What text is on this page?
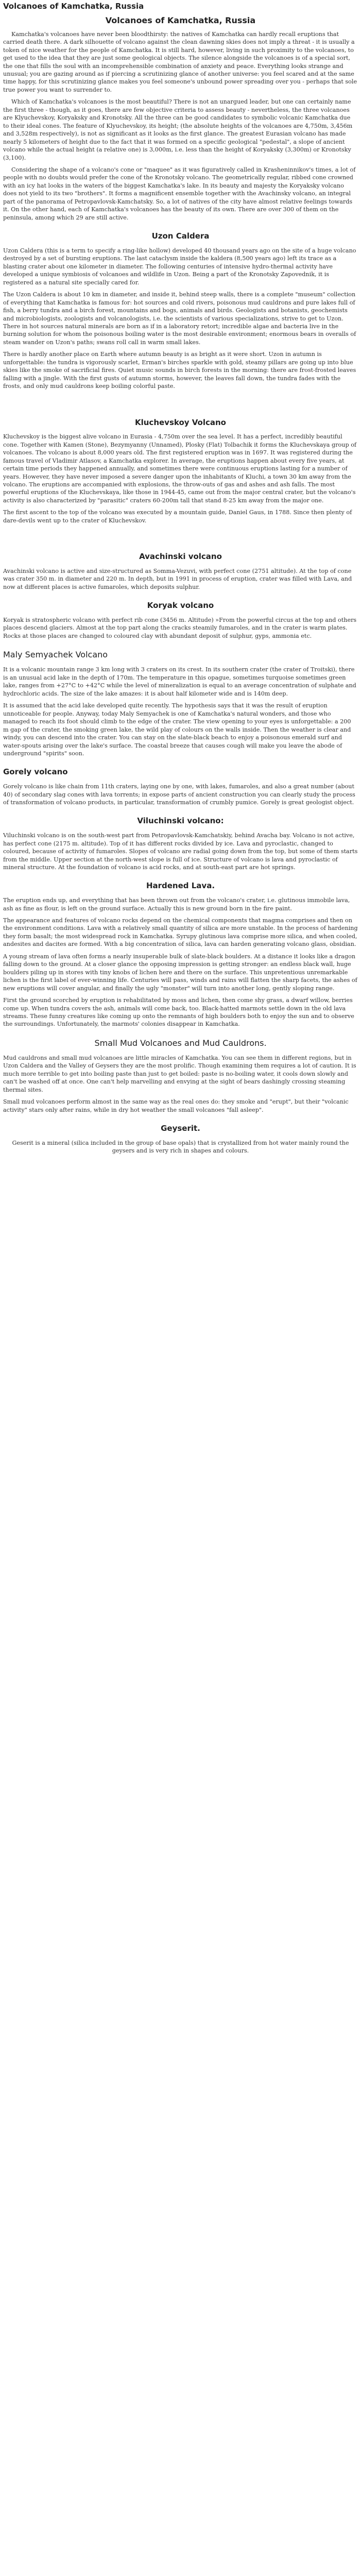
Volcanoes of Kamchatka, Russia
Volcanoes of Kamchatka, Russia

Kamchatka's volcanoes have never been bloodthirsty: the natives of Kamchatka can hardly recall eruptions that carried death there. A dark silhouette of volcano against the clean dawning skies does not imply a threat - it is usually a token of nice weather for the people of Kamchatka. It is still hard, however, living in such proximity to the volcanoes, to get used to the idea that they are just some geological objects. The silence alongside the volcanoes is of a special sort, the one that fills the soul with an incomprehensible combination of anxiety and peace. Everything looks strange and unusual; you are gazing around as if piercing a scrutinizing glance of another universe: you feel scared and at the same time happy, for this scrutinizing glance makes you feel someone's unbound power spreading over you - perhaps that sole true power you want to surrender to.

Which of Kamchatka's volcanoes is the most beautiful? There is not an unargued leader, but one can certainly name the first three - though, as it goes, there are few objective criteria to assess beauty - nevertheless, the three volcanoes are Klyuchevskoy, Koryaksky and Kronotsky. All the three can be good candidates to symbolic volcanic Kamchatka due to their ideal cones. The feature of Klyuchevskoy, its height; (the absolute heights of the volcanoes are 4,750m, 3,456m and 3,528m respectively), is not as significant as it looks as the first glance. The greatest Eurasian volcano has made nearly 5 kilometers of height due to the fact that it was formed on a specific geological "pedestal", a slope of ancient volcano while the actual height (a relative one) is 3,000m, i.e. less than the height of Koryaksky (3,300m) or Kronotsky (3,100).

Considering the shape of a volcano's cone or "maquee" as it was figuratively called in Krasheninnikov's times, a lot of people with no doubts would prefer the cone of the Kronotsky volcano. The geometrically regular, ribbed cone crowned with an icy hat looks in the waters of the biggest Kamchatka's lake. In its beauty and majesty the Koryaksky volcano does not yield to its two "brothers". It forms a magnificent ensemble together with the Avachinsky volcano, an integral part of the panorama of Petropavlovsk-Kamchatsky. So, a lot of natives of the city have almost relative feelings towards it. On the other hand, each of Kamchatka's volcanoes has the beauty of its own. There are over 300 of them on the peninsula, among which 29 are still active.

Uzon Caldera

Uzon Caldera (this is a term to specify a ring-like hollow) developed 40 thousand years ago on the site of a huge volcano destroyed by a set of bursting eruptions. The last cataclysm inside the kaldera (8,500 years ago) left its trace as a blasting crater about one kilometer in diameter. The following centuries of intensive hydro-thermal activity have developed a unique symbiosis of volcanoes and wildlife in Uzon. Being a part of the Kronotsky Zapovednik, it is registered as a natural site specially cared for.

The Uzon Caldera is about 10 km in diameter, and inside it, behind steep walls, there is a complete "museum" collection of everything that Kamchatka is famous for: hot sources and cold rivers, poisonous mud cauldrons and pure lakes full of fish, a berry tundra and a birch forest, mountains and bogs, animals and birds. Geologists and botanists, geochemists and microbiologists, zoologists and volcanologists, i.e. the scientists of various specializations, strive to get to Uzon. There in hot sources natural minerals are born as if in a laboratory retort; incredible algae and bacteria live in the burning solution for whom the poisonous boiling water is the most desirable environment; enormous bears in overalls of steam wander on Uzon's paths; swans roll call in warm small lakes.

There is hardly another place on Earth where autumn beauty is as bright as it were short. Uzon in autumn is unforgettable: the tundra is vigorously scarlet, Erman's birches sparkle with gold, steamy pillars are going up into blue skies like the smoke of sacrificial fires. Quiet music sounds in birch forests in the morning: there are frost-frosted leaves falling with a jingle. With the first gusts of autumn storms, however, the leaves fall down, the tundra fades with the frosts, and only mud cauldrons keep boiling colorful paste.

Kluchevskoy Volcano

Kluchevskoy is the biggest alive volcano in Eurasia - 4,750m over the sea level. It has a perfect, incredibly beautiful cone. Together with Kamen (Stone), Bezymyanny (Unnamed), Plosky (Flat) Tolbachik it forms the Kluchevskaya group of volcanoes. The volcano is about 8,000 years old. The first registered eruption was in 1697. It was registered during the famous travel of Vladimir Atlasov, a Kamchatka explorer. In average, the eruptions happen about every five years, at certain time periods they happened annually, and sometimes there were continuous eruptions lasting for a number of years. However, they have never imposed a severe danger upon the inhabitants of Kluchi, a town 30 km away from the volcano. The eruptions are accompanied with explosions, the throw-outs of gas and ashes and ash falls. The most powerful eruptions of the Kluchevskaya, like those in 1944-45, came out from the major central crater, but the volcano's activity is also characterized by "parasitic" craters 60-200m tall that stand 8-25 km away from the major one.

The first ascent to the top of the volcano was executed by a mountain guide, Daniel Gaus, in 1788. Since then plenty of dare-devils went up to the crater of Kluchevskov.

Avachinski volcano

Avachinski volcano is active and size-structured as Somma-Vezuvi, with perfect cone (2751 altitude). At the top of cone was crater 350 m. in diameter and 220 m. In depth, but in 1991 in process of eruption, crater was filled with Lava, and now at different places is active fumaroles, which deposits sulphur.

Koryak volcano

Koryak is stratospheric volcano with perfect rib cone (3456 m. Altitude) »From the powerful circus at the top and others places descend glaciers. Almost at the top part along the cracks steamily fumaroles, and in the crater is warm plates. Rocks at those places are changed to coloured clay with abundant deposit of sulphur, gyps, ammonia etc.

Maly Semyachek Volcano

It is a volcanic mountain range 3 km long with 3 craters on its crest. In its southern crater (the crater of Troitski), there is an unusual acid lake in the depth of 170m. The temperature in this opague, sometimes turquoise sometimes green lake, ranges from +27°C to +42°C while the level of mineralization is equal to an average concentration of sulphate and hydrochloric acids. The size of the lake amazes: it is about half kilometer wide and is 140m deep.

It is assumed that the acid lake developed quite recently. The hypothesis says that it was the result of eruption unnoticeable for people. Anyway, today Maly Semyachek is one of Kamchatka's natural wonders, and those who managed to reach its foot should climb to the edge of the crater. The view opening to your eyes is unforgettable: a 200 m gap of the crater, the smoking green lake, the wild play of colours on the walls inside. Then the weather is clear and windy, you can descend into the crater. You can stay on the slate-black beach to enjoy a poisonous emerald surf and water-spouts arising over the lake's surface. The coastal breeze that causes cough will make you leave the abode of underground "spirits" soon.

Gorely volcano

Gorely volcano is like chain from 11th craters, laying one by one, with lakes, fumaroles, and also a great number (about 40) of secondary slag cones with lava torrents; in expose parts of ancient construction you can clearly study the process of transformation of volcano products, in particular, transformation of crumbly pumice. Gorely is great geologist object.

Viluchinski volcano:

Viluchinski volcano is on the south-west part from Petropavlovsk-Kamchatskiy, behind Avacha bay. Volcano is not active, has perfect cone (2175 m. altitude). Top of it has different rocks divided by ice. Lava and pyroclastic, changed to coloured, because of activity of fumaroles. Slopes of volcano are radial going down from the top, but some of them starts from the middle. Upper section at the north-west slope is full of ice. Structure of volcano is lava and pyroclastic of mineral structure. At the foundation of volcano is acid rocks, and at south-east part are hot springs.

Hardened Lava.

The eruption ends up, and everything that has been thrown out from the volcano's crater, i.e. glutinous immobile lava, ash as fine as flour, is left on the ground surface. Actually this is new ground born in the fire paint.

The appearance and features of volcano rocks depend on the chemical components that magma comprises and then on the environment conditions. Lava with a relatively small quantity of silica are more unstable. In the process of hardening they form basalt; the most widespread rock in Kamchatka. Syrupy glutinous lava comprise more silica, and when cooled, andesites and dacites are formed. With a big concentration of silica, lava can harden generating volcano glass, obsidian.

A young stream of lava often forms a nearly insuperable bulk of slate-black boulders. At a distance it looks like a dragon falling down to the ground. At a closer glance the opposing impression is getting stronger: an endless black wall, huge boulders piling up in stores with tiny knobs of lichen here and there on the surface. This unpretentious unremarkable lichen is the first label of ever-winning life. Centuries will pass, winds and rains will flatten the sharp facets, the ashes of new eruptions will cover angular, and finally the ugly "monster" will turn into another long, gently sloping range.

First the ground scorched by eruption is rehabilitated by moss and lichen, then come shy grass, a dwarf willow, berries come up. When tundra covers the ash, animals will come back, too. Black-hatted marmots settle down in the old lava streams. These funny creatures like coming up onto the remnants of high boulders both to enjoy the sun and to observe the surroundings. Unfortunately, the marmots' colonies disappear in Kamchatka.

Small Mud Volcanoes and Mud Cauldrons.

Mud cauldrons and small mud volcanoes are little miracles of Kamchatka. You can see them in different regions, but in Uzon Caldera and the Valley of Geysers they are the most prolific. Though examining them requires a lot of caution. It is much more terrible to get into boiling paste than just to get boiled: paste is no-boiling water, it cools down slowly and can't be washed off at once. One can't help marvelling and envying at the sight of bears dashingly crossing steaming thermal sites.

Small mud volcanoes perform almost in the same way as the real ones do: they smoke and "erupt", but their "volcanic activity" stars only after rains, while in dry hot weather the small volcanoes "fall asleep".

Geyserit.

Geserit is a mineral (silica included in the group of base opals) that is crystallized from hot water mainly round the geysers and is very rich in shapes and colours.
